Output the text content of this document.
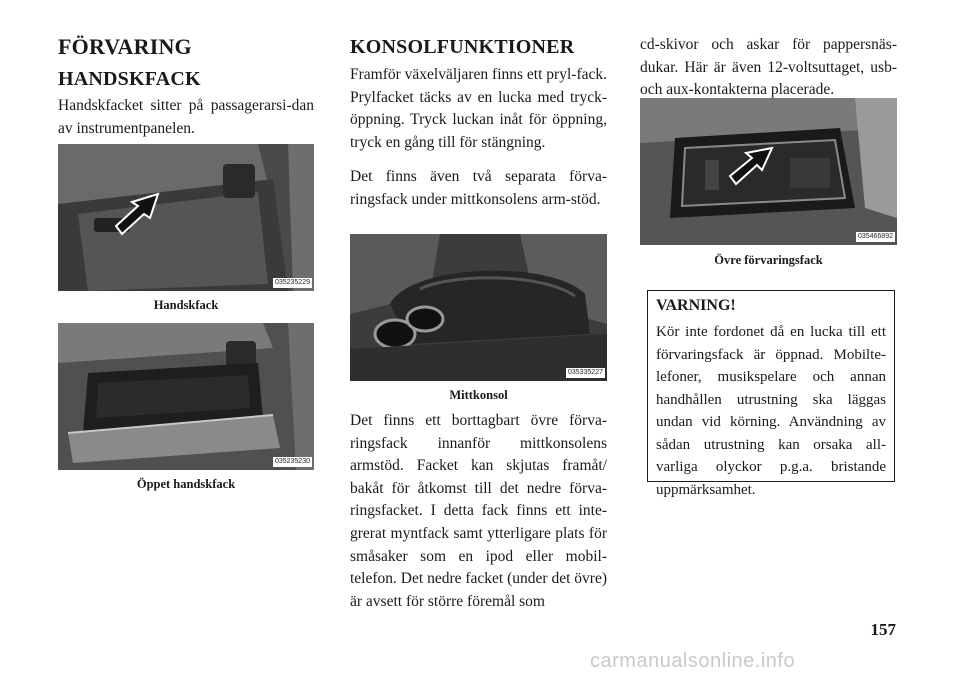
FÖRVARING
HANDSKFACK

Handskfacket sitter på passagerarsi-dan av instrumentpanelen.

035235229
Handskfack
035235230
Öppet handskfack
KONSOLFUNKTIONER

Framför växelväljaren finns ett pryl-fack. Prylfacket täcks av en lucka med tryck-öppning. Tryck luckan inåt för öppning, tryck en gång till för stängning.

Det finns även två separata förva-ringsfack under mittkonsolens arm-stöd.

035335227
Mittkonsol

Det finns ett borttagbart övre förva-ringsfack innanför mittkonsolens armstöd. Facket kan skjutas framåt/ bakåt för åtkomst till det nedre förva-ringsfacket. I detta fack finns ett inte-grerat myntfack samt ytterligare plats för småsaker som en ipod eller mobil-telefon. Det nedre facket (under det övre) är avsett för större föremål som

cd-skivor och askar för pappersnäs-dukar. Här är även 12-voltsuttaget, usb- och aux-kontakterna placerade.

035466892
Övre förvaringsfack

VARNING!

Kör inte fordonet då en lucka till ett förvaringsfack är öppnad. Mobilte-lefoner, musikspelare och annan handhållen utrustning ska läggas undan vid körning. Användning av sådan utrustning kan orsaka all-varliga olyckor p.g.a. bristande uppmärksamhet.

157
carmanualsonline.info
